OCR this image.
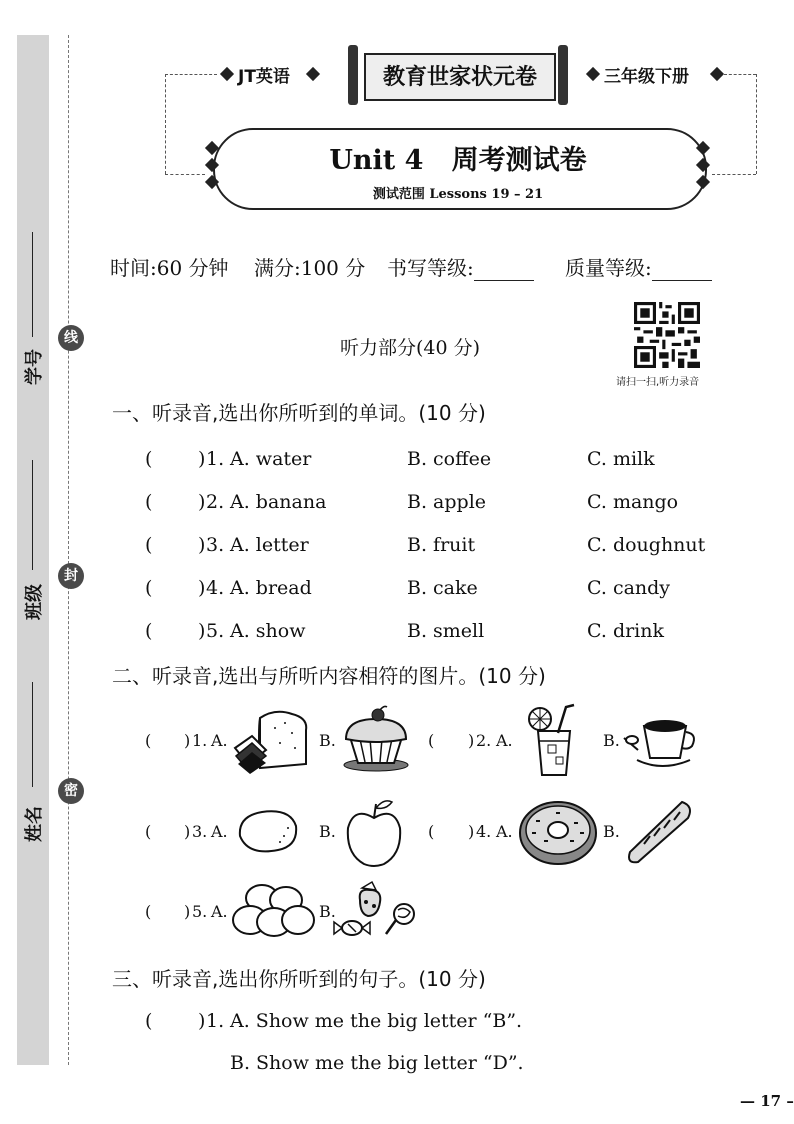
线
封
密
学号
班级
姓名
JT英语	教育世家状元卷	三年级下册
Unit 4   周考测试卷
测试范围 Lessons 19 – 21
时间:60 分钟 满分:100 分 书写等级:	质量等级:
听力部分(40 分)
请扫一扫,听力录音
一、听录音,选出你所听到的单词。(10 分)
( ) 1. A. water	B. coffee	C. milk
( ) 2. A. banana	B. apple	C. mango
( ) 3. A. letter	B. fruit	C. doughnut
( ) 4. A. bread	B. cake	C. candy
( ) 5. A. show	B. smell	C. drink
二、听录音,选出与所听内容相符的图片。(10 分)
( ) 1. A.	B.	( ) 2. A.	B.
( ) 3. A.	B.	( ) 4. A.	B.
( ) 5. A.	B.
三、听录音,选出你所听到的句子。(10 分)
( ) 1. A. Show me the big letter “B”.
B. Show me the big letter “D”.
— 17 –
